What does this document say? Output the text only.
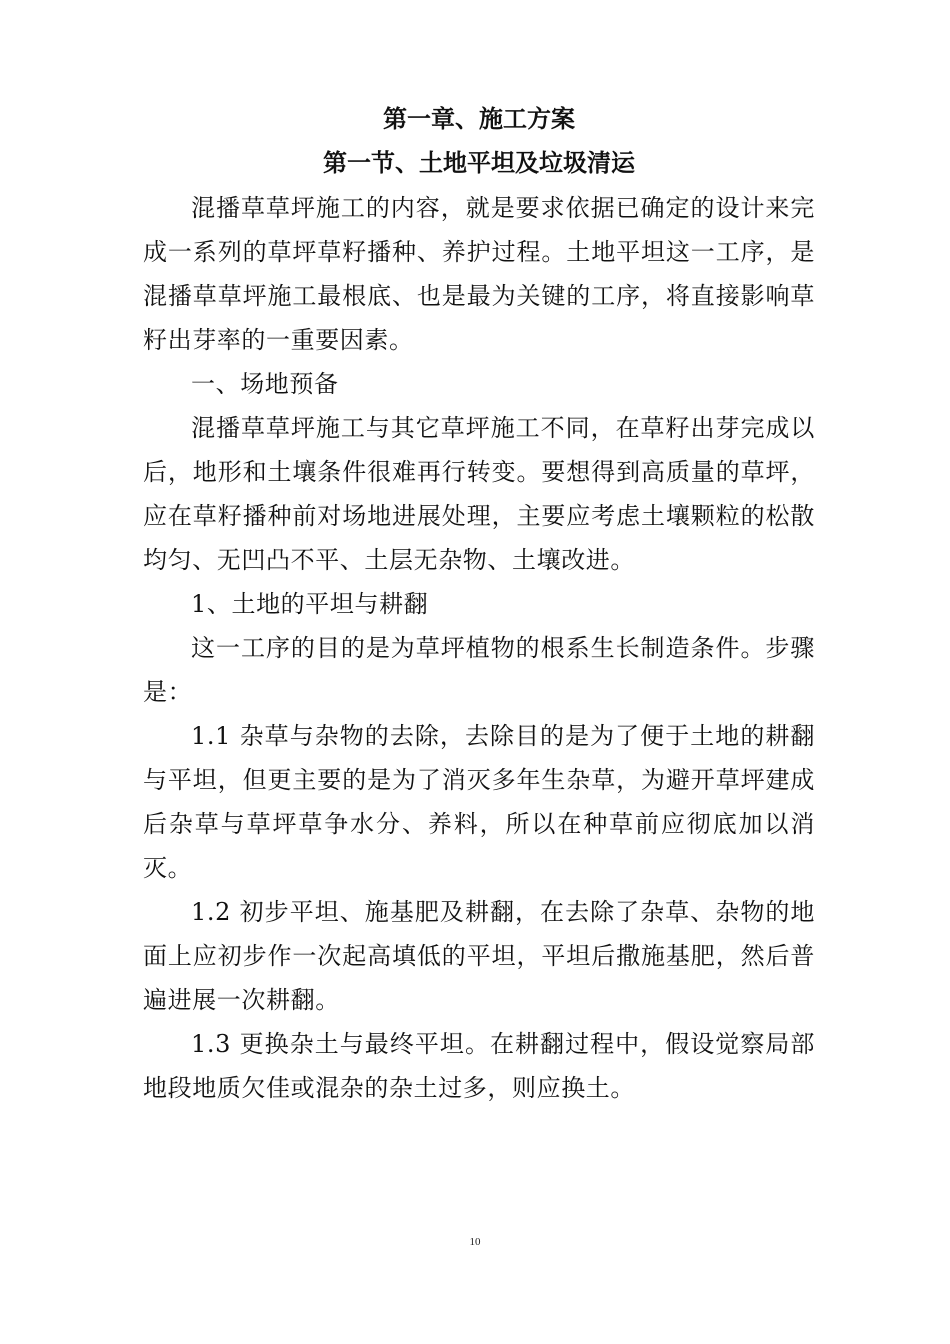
第一章、施工方案
第一节、土地平坦及垃圾清运

混播草草坪施工的内容，就是要求依据已确定的设计来完成一系列的草坪草籽播种、养护过程。土地平坦这一工序，是混播草草坪施工最根底、也是最为关键的工序，将直接影响草籽出芽率的一重要因素。

一、场地预备

混播草草坪施工与其它草坪施工不同，在草籽出芽完成以后，地形和土壤条件很难再行转变。要想得到高质量的草坪，应在草籽播种前对场地进展处理，主要应考虑土壤颗粒的松散均匀、无凹凸不平、土层无杂物、土壤改进。

1、土地的平坦与耕翻

这一工序的目的是为草坪植物的根系生长制造条件。步骤是：

1.1 杂草与杂物的去除，去除目的是为了便于土地的耕翻与平坦，但更主要的是为了消灭多年生杂草，为避开草坪建成后杂草与草坪草争水分、养料，所以在种草前应彻底加以消灭。

1.2 初步平坦、施基肥及耕翻，在去除了杂草、杂物的地面上应初步作一次起高填低的平坦，平坦后撒施基肥，然后普遍进展一次耕翻。

1.3 更换杂土与最终平坦。在耕翻过程中，假设觉察局部地段地质欠佳或混杂的杂土过多，则应换土。

10
